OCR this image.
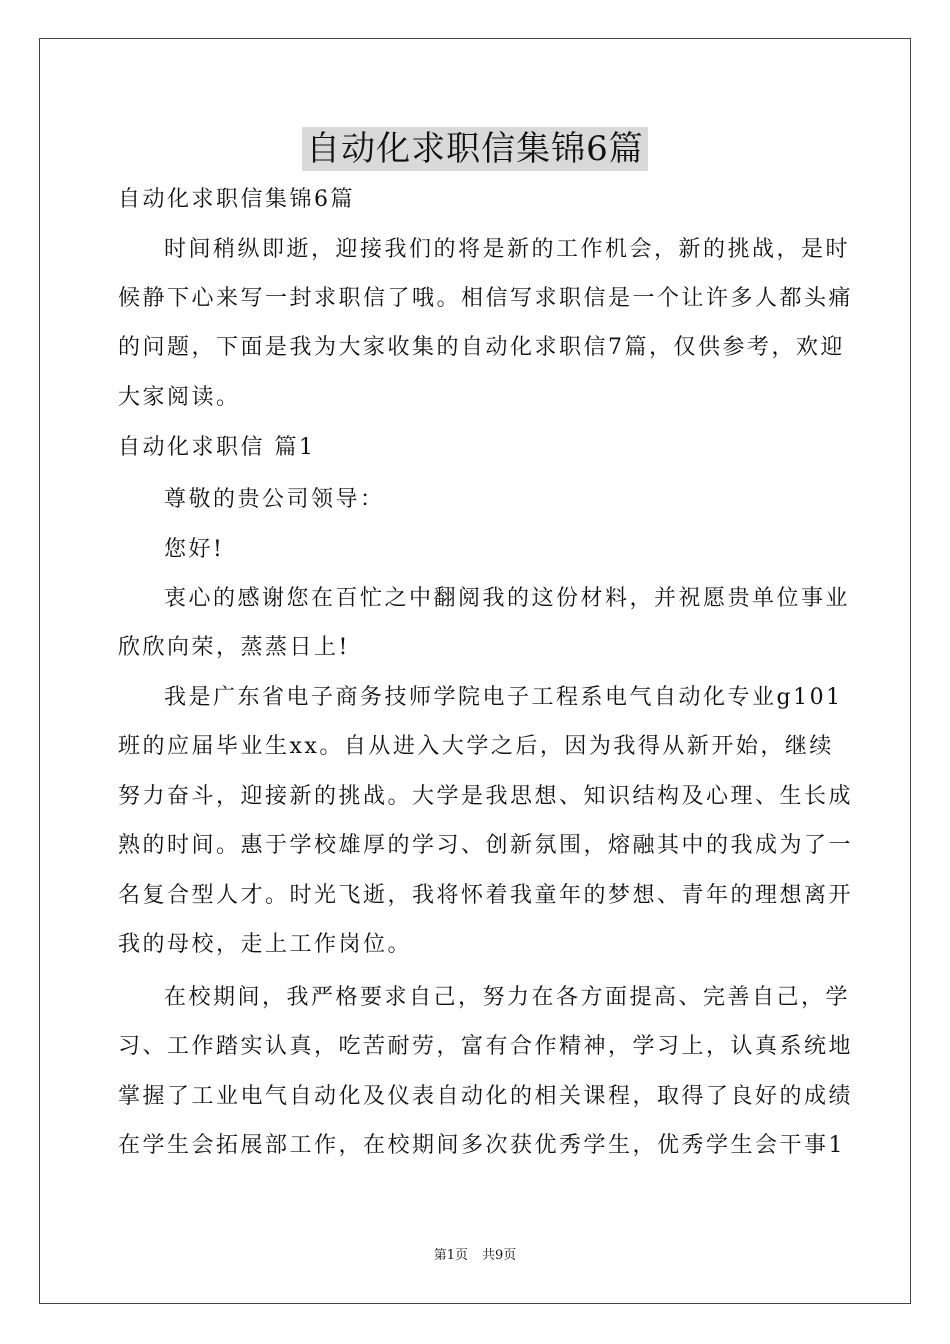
自动化求职信集锦6篇
自动化求职信集锦6篇
时间稍纵即逝，迎接我们的将是新的工作机会，新的挑战，是时
候静下心来写一封求职信了哦。相信写求职信是一个让许多人都头痛
的问题，下面是我为大家收集的自动化求职信7篇，仅供参考，欢迎
大家阅读。
自动化求职信 篇1
尊敬的贵公司领导：
您好!
衷心的感谢您在百忙之中翻阅我的这份材料，并祝愿贵单位事业
欣欣向荣，蒸蒸日上!
我是广东省电子商务技师学院电子工程系电气自动化专业g101
班的应届毕业生xx。自从进入大学之后，因为我得从新开始，继续
努力奋斗，迎接新的挑战。大学是我思想、知识结构及心理、生长成
熟的时间。惠于学校雄厚的学习、创新氛围，熔融其中的我成为了一
名复合型人才。时光飞逝，我将怀着我童年的梦想、青年的理想离开
我的母校，走上工作岗位。
在校期间，我严格要求自己，努力在各方面提高、完善自己，学
习、工作踏实认真，吃苦耐劳，富有合作精神，学习上，认真系统地
掌握了工业电气自动化及仪表自动化的相关课程，取得了良好的成绩
在学生会拓展部工作，在校期间多次获优秀学生，优秀学生会干事1
第1页 共9页
